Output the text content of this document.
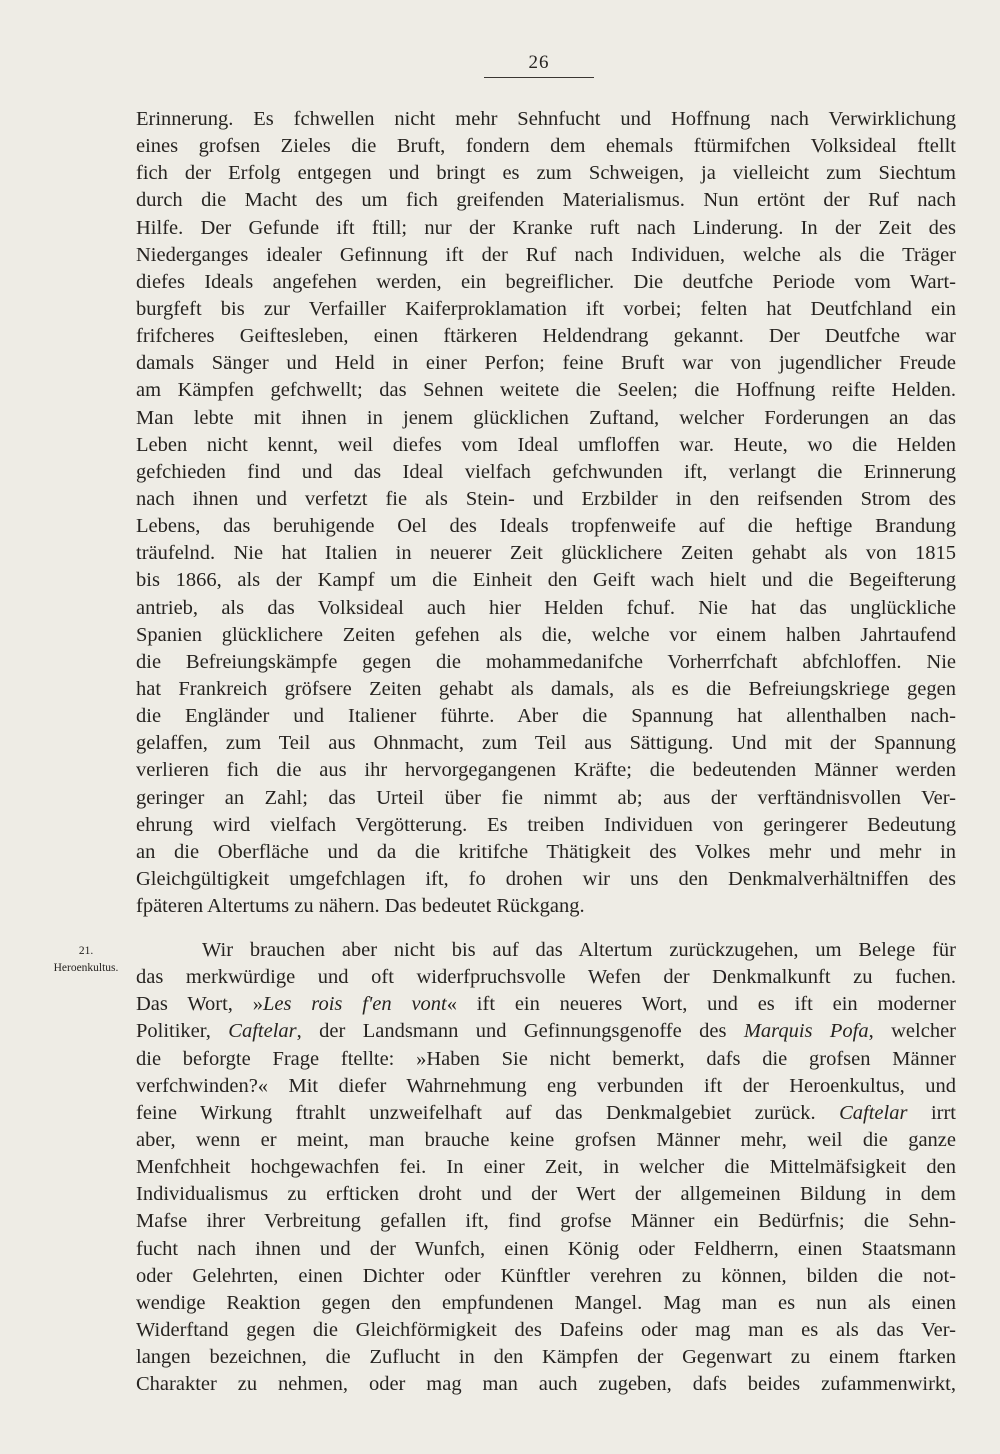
26
21.
Heroenkultus.
Erinnerung. Es fchwellen nicht mehr Sehnfucht und Hoffnung nach Verwirklichung
eines grofsen Zieles die Bruft, fondern dem ehemals ftürmifchen Volksideal ftellt
fich der Erfolg entgegen und bringt es zum Schweigen, ja vielleicht zum Siechtum
durch die Macht des um fich greifenden Materialismus. Nun ertönt der Ruf nach
Hilfe. Der Gefunde ift ftill; nur der Kranke ruft nach Linderung. In der Zeit des
Niederganges idealer Gefinnung ift der Ruf nach Individuen, welche als die Träger
diefes Ideals angefehen werden, ein begreiflicher. Die deutfche Periode vom Wart-
burgfeft bis zur Verfailler Kaiferproklamation ift vorbei; felten hat Deutfchland ein
frifcheres Geiftesleben, einen ftärkeren Heldendrang gekannt. Der Deutfche war
damals Sänger und Held in einer Perfon; feine Bruft war von jugendlicher Freude
am Kämpfen gefchwellt; das Sehnen weitete die Seelen; die Hoffnung reifte Helden.
Man lebte mit ihnen in jenem glücklichen Zuftand, welcher Forderungen an das
Leben nicht kennt, weil diefes vom Ideal umfloffen war. Heute, wo die Helden
gefchieden find und das Ideal vielfach gefchwunden ift, verlangt die Erinnerung
nach ihnen und verfetzt fie als Stein- und Erzbilder in den reifsenden Strom des
Lebens, das beruhigende Oel des Ideals tropfenweife auf die heftige Brandung
träufelnd. Nie hat Italien in neuerer Zeit glücklichere Zeiten gehabt als von 1815
bis 1866, als der Kampf um die Einheit den Geift wach hielt und die Begeifterung
antrieb, als das Volksideal auch hier Helden fchuf. Nie hat das unglückliche
Spanien glücklichere Zeiten gefehen als die, welche vor einem halben Jahrtaufend
die Befreiungskämpfe gegen die mohammedanifche Vorherrfchaft abfchloffen. Nie
hat Frankreich gröfsere Zeiten gehabt als damals, als es die Befreiungskriege gegen
die Engländer und Italiener führte. Aber die Spannung hat allenthalben nach-
gelaffen, zum Teil aus Ohnmacht, zum Teil aus Sättigung. Und mit der Spannung
verlieren fich die aus ihr hervorgegangenen Kräfte; die bedeutenden Männer werden
geringer an Zahl; das Urteil über fie nimmt ab; aus der verftändnisvollen Ver-
ehrung wird vielfach Vergötterung. Es treiben Individuen von geringerer Bedeutung
an die Oberfläche und da die kritifche Thätigkeit des Volkes mehr und mehr in
Gleichgültigkeit umgefchlagen ift, fo drohen wir uns den Denkmalverhältniffen des
fpäteren Altertums zu nähern. Das bedeutet Rückgang.
Wir brauchen aber nicht bis auf das Altertum zurückzugehen, um Belege für
das merkwürdige und oft widerfpruchsvolle Wefen der Denkmalkunft zu fuchen.
Das Wort, »Les rois f'en vont« ift ein neueres Wort, und es ift ein moderner
Politiker, Caftelar, der Landsmann und Gefinnungsgenoffe des Marquis Pofa, welcher
die beforgte Frage ftellte: »Haben Sie nicht bemerkt, dafs die grofsen Männer
verfchwinden?« Mit diefer Wahrnehmung eng verbunden ift der Heroenkultus, und
feine Wirkung ftrahlt unzweifelhaft auf das Denkmalgebiet zurück. Caftelar irrt
aber, wenn er meint, man brauche keine grofsen Männer mehr, weil die ganze
Menfchheit hochgewachfen fei. In einer Zeit, in welcher die Mittelmäfsigkeit den
Individualismus zu erfticken droht und der Wert der allgemeinen Bildung in dem
Mafse ihrer Verbreitung gefallen ift, find grofse Männer ein Bedürfnis; die Sehn-
fucht nach ihnen und der Wunfch, einen König oder Feldherrn, einen Staatsmann
oder Gelehrten, einen Dichter oder Künftler verehren zu können, bilden die not-
wendige Reaktion gegen den empfundenen Mangel. Mag man es nun als einen
Widerftand gegen die Gleichförmigkeit des Dafeins oder mag man es als das Ver-
langen bezeichnen, die Zuflucht in den Kämpfen der Gegenwart zu einem ftarken
Charakter zu nehmen, oder mag man auch zugeben, dafs beides zufammenwirkt,
